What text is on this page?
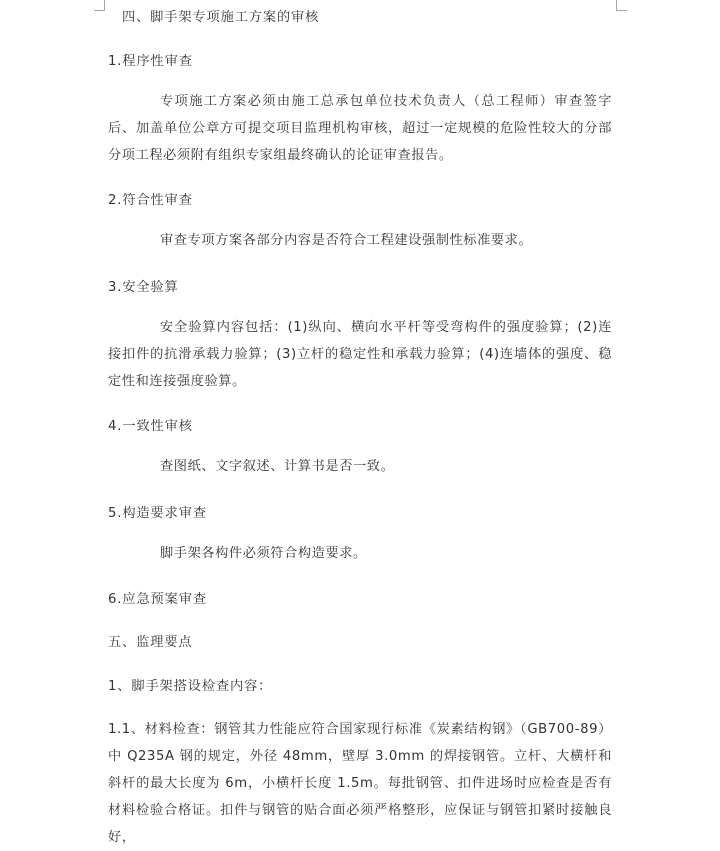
四、脚手架专项施工方案的审核
1.程序性审查
专项施工方案必须由施工总承包单位技术负责人（总工程师）审查签字后、加盖单位公章方可提交项目监理机构审核，超过一定规模的危险性较大的分部分项工程必须附有组织专家组最终确认的论证审查报告。
2.符合性审查
审查专项方案各部分内容是否符合工程建设强制性标准要求。
3.安全验算
安全验算内容包括：(1)纵向、横向水平杆等受弯构件的强度验算；(2)连接扣件的抗滑承载力验算；(3)立杆的稳定性和承载力验算；(4)连墙体的强度、稳定性和连接强度验算。
4.一致性审核
查图纸、文字叙述、计算书是否一致。
5.构造要求审查
脚手架各构件必须符合构造要求。
6.应急预案审查
五、监理要点
1、脚手架搭设检查内容：
1.1、材料检查：钢管其力性能应符合国家现行标准《炭素结构钢》（GB700-89）中 Q235A 钢的规定，外径 48mm，壁厚 3.0mm 的焊接钢管。立杆、大横杆和斜杆的最大长度为 6m，小横杆长度 1.5m。每批钢管、扣件进场时应检查是否有材料检验合格证。扣件与钢管的贴合面必须严格整形，应保证与钢管扣紧时接触良好，
